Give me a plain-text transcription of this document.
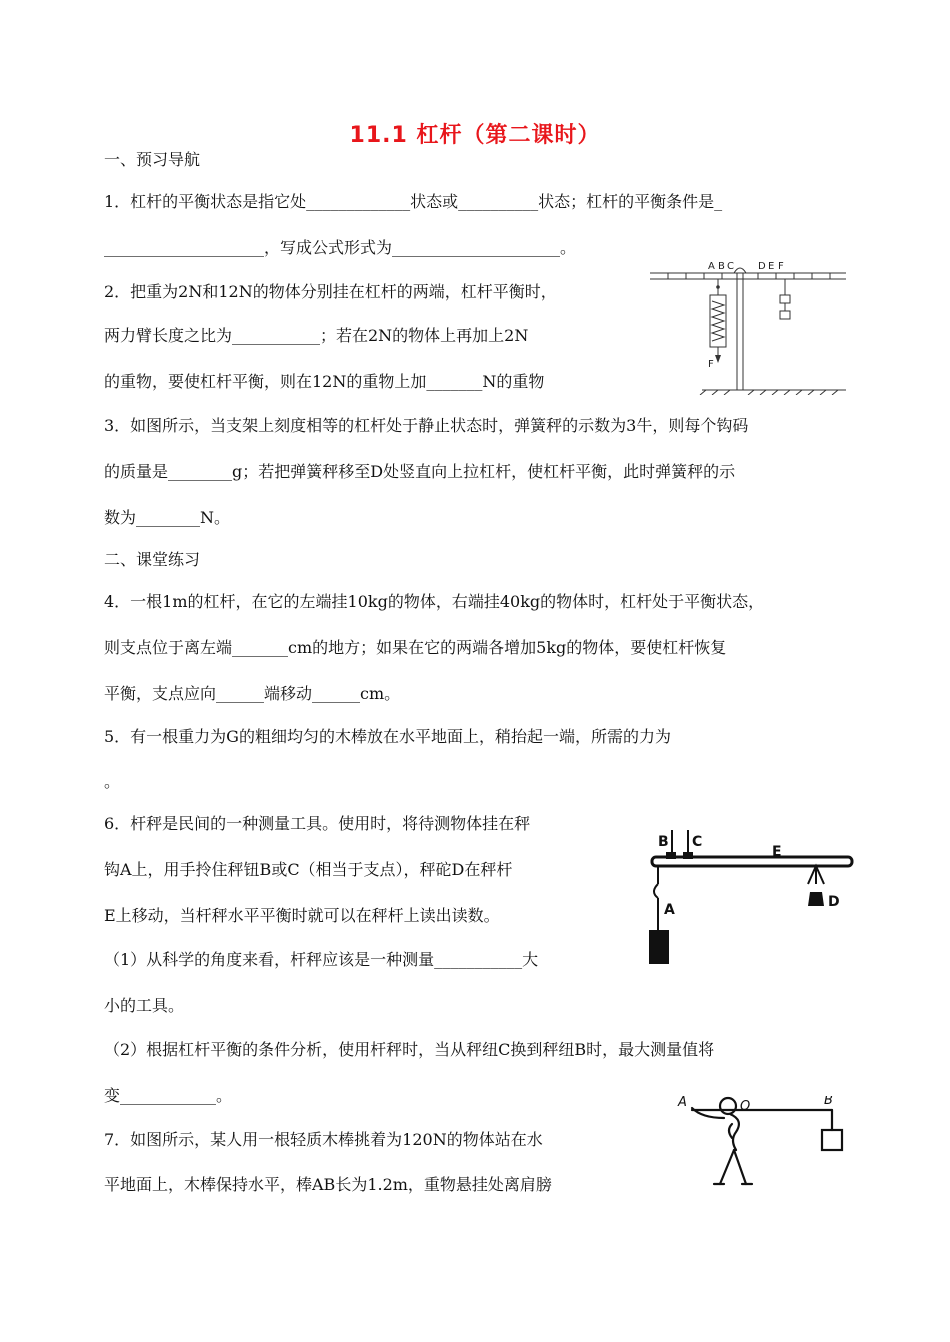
11.1 杠杆（第二课时）
一、预习导航
1．杠杆的平衡状态是指它处_____________状态或__________状态；杠杆的平衡条件是_
____________________，写成公式形式为_____________________。
2．把重为2N和12N的物体分别挂在杠杆的两端，杠杆平衡时，
两力臂长度之比为___________；若在2N的物体上再加上2N
的重物，要使杠杆平衡，则在12N的重物上加_______N的重物
3．如图所示，当支架上刻度相等的杠杆处于静止状态时，弹簧秤的示数为3牛，则每个钩码
的质量是________g；若把弹簧秤移至D处竖直向上拉杠杆，使杠杆平衡，此时弹簧秤的示
数为________N。
二、课堂练习
4．一根1m的杠杆，在它的左端挂10kg的物体，右端挂40kg的物体时，杠杆处于平衡状态，
则支点位于离左端_______cm的地方；如果在它的两端各增加5kg的物体，要使杠杆恢复
平衡，支点应向______端移动______cm。
5．有一根重力为G的粗细均匀的木棒放在水平地面上，稍抬起一端，所需的力为
。
6．杆秤是民间的一种测量工具。使用时，将待测物体挂在秤
钩A上，用手拎住秤钮B或C（相当于支点），秤砣D在秤杆
E上移动，当杆秤水平平衡时就可以在秤杆上读出读数。
（1）从科学的角度来看，杆秤应该是一种测量___________大
小的工具。
（2）根据杠杆平衡的条件分析，使用杆秤时，当从秤纽C换到秤纽B时，最大测量值将
变____________。
7．如图所示，某人用一根轻质木棒挑着为120N的物体站在水
平地面上，木棒保持水平，棒AB长为1.2m，重物悬挂处离肩膀
A B C D E F
F
B C
E
A	D
A	O	B
